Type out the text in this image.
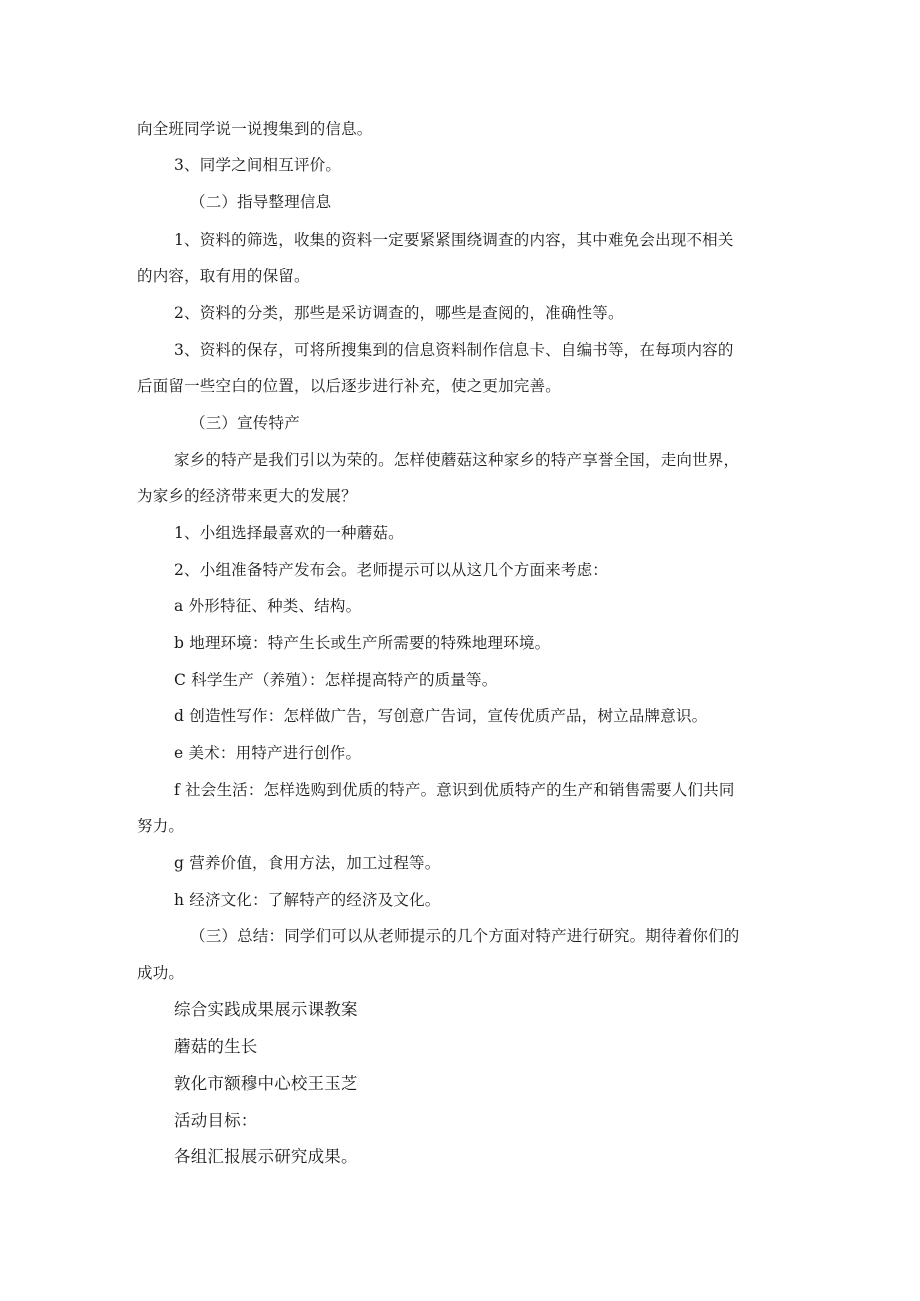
向全班同学说一说搜集到的信息。
3、同学之间相互评价。
（二）指导整理信息
1、资料的筛选，收集的资料一定要紧紧围绕调查的内容，其中难免会出现不相关
的内容，取有用的保留。
2、资料的分类，那些是采访调查的，哪些是查阅的，准确性等。
3、资料的保存，可将所搜集到的信息资料制作信息卡、自编书等，在每项内容的
后面留一些空白的位置，以后逐步进行补充，使之更加完善。
（三）宣传特产
家乡的特产是我们引以为荣的。怎样使蘑菇这种家乡的特产享誉全国，走向世界，
为家乡的经济带来更大的发展？
1、小组选择最喜欢的一种蘑菇。
2、小组准备特产发布会。老师提示可以从这几个方面来考虑：
a 外形特征、种类、结构。
b 地理环境：特产生长或生产所需要的特殊地理环境。
C 科学生产（养殖）：怎样提高特产的质量等。
d 创造性写作：怎样做广告，写创意广告词，宣传优质产品，树立品牌意识。
e 美术：用特产进行创作。
f 社会生活：怎样选购到优质的特产。意识到优质特产的生产和销售需要人们共同
努力。
g 营养价值，食用方法，加工过程等。
h 经济文化：了解特产的经济及文化。
（三）总结：同学们可以从老师提示的几个方面对特产进行研究。期待着你们的
成功。
综合实践成果展示课教案
蘑菇的生长
敦化市额穆中心校王玉芝
活动目标：
各组汇报展示研究成果。
